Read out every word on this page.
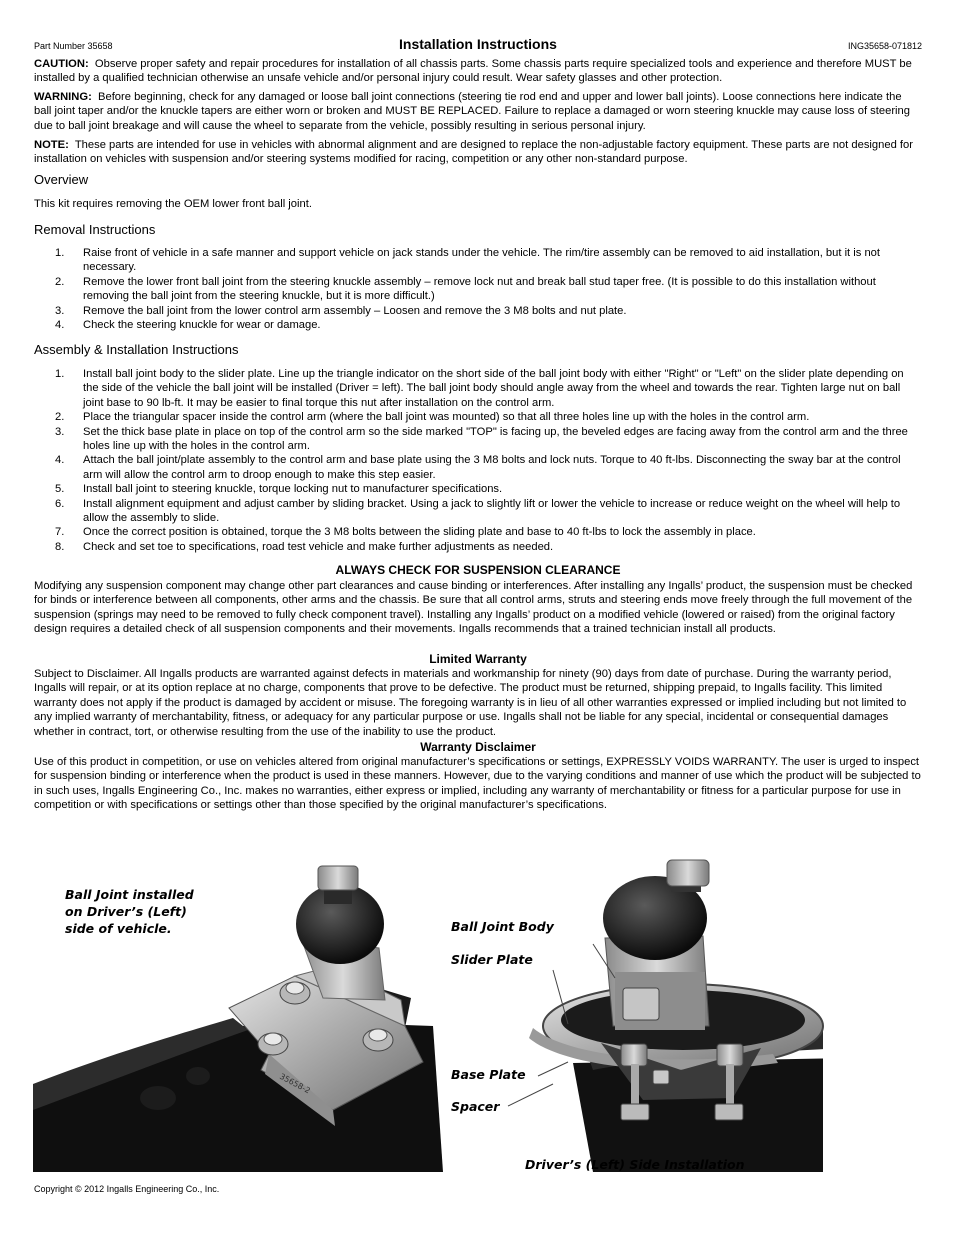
Part Number 35658	Installation Instructions	ING35658-071812
CAUTION: Observe proper safety and repair procedures for installation of all chassis parts. Some chassis parts require specialized tools and experience and therefore MUST be installed by a qualified technician otherwise an unsafe vehicle and/or personal injury could result. Wear safety glasses and other protection.
WARNING: Before beginning, check for any damaged or loose ball joint connections (steering tie rod end and upper and lower ball joints). Loose connections here indicate the ball joint taper and/or the knuckle tapers are either worn or broken and MUST BE REPLACED. Failure to replace a damaged or worn steering knuckle may cause loss of steering due to ball joint breakage and will cause the wheel to separate from the vehicle, possibly resulting in serious personal injury.
NOTE: These parts are intended for use in vehicles with abnormal alignment and are designed to replace the non-adjustable factory equipment. These parts are not designed for installation on vehicles with suspension and/or steering systems modified for racing, competition or any other non-standard purpose.
Overview
This kit requires removing the OEM lower front ball joint.
Removal Instructions
1. Raise front of vehicle in a safe manner and support vehicle on jack stands under the vehicle. The rim/tire assembly can be removed to aid installation, but it is not necessary.
2. Remove the lower front ball joint from the steering knuckle assembly – remove lock nut and break ball stud taper free. (It is possible to do this installation without removing the ball joint from the steering knuckle, but it is more difficult.)
3. Remove the ball joint from the lower control arm assembly – Loosen and remove the 3 M8 bolts and nut plate.
4. Check the steering knuckle for wear or damage.
Assembly & Installation Instructions
1. Install ball joint body to the slider plate. Line up the triangle indicator on the short side of the ball joint body with either "Right" or "Left" on the slider plate depending on the side of the vehicle the ball joint will be installed (Driver = left). The ball joint body should angle away from the wheel and towards the rear. Tighten large nut on ball joint base to 90 lb-ft. It may be easier to final torque this nut after installation on the control arm.
2. Place the triangular spacer inside the control arm (where the ball joint was mounted) so that all three holes line up with the holes in the control arm.
3. Set the thick base plate in place on top of the control arm so the side marked "TOP" is facing up, the beveled edges are facing away from the control arm and the three holes line up with the holes in the control arm.
4. Attach the ball joint/plate assembly to the control arm and base plate using the 3 M8 bolts and lock nuts. Torque to 40 ft-lbs. Disconnecting the sway bar at the control arm will allow the control arm to droop enough to make this step easier.
5. Install ball joint to steering knuckle, torque locking nut to manufacturer specifications.
6. Install alignment equipment and adjust camber by sliding bracket. Using a jack to slightly lift or lower the vehicle to increase or reduce weight on the wheel will help to allow the assembly to slide.
7. Once the correct position is obtained, torque the 3 M8 bolts between the sliding plate and base to 40 ft-lbs to lock the assembly in place.
8. Check and set toe to specifications, road test vehicle and make further adjustments as needed.
ALWAYS CHECK FOR SUSPENSION CLEARANCE
Modifying any suspension component may change other part clearances and cause binding or interferences. After installing any Ingalls’ product, the suspension must be checked for binds or interference between all components, other arms and the chassis. Be sure that all control arms, struts and steering ends move freely through the full movement of the suspension (springs may need to be removed to fully check component travel). Installing any Ingalls’ product on a modified vehicle (lowered or raised) from the original factory design requires a detailed check of all suspension components and their movements. Ingalls recommends that a trained technician install all products.
Limited Warranty
Subject to Disclaimer. All Ingalls products are warranted against defects in materials and workmanship for ninety (90) days from date of purchase. During the warranty period, Ingalls will repair, or at its option replace at no charge, components that prove to be defective. The product must be returned, shipping prepaid, to Ingalls facility. This limited warranty does not apply if the product is damaged by accident or misuse. The foregoing warranty is in lieu of all other warranties expressed or implied including but not limited to any implied warranty of merchantability, fitness, or adequacy for any particular purpose or use. Ingalls shall not be liable for any special, incidental or consequential damages whether in contract, tort, or otherwise resulting from the use of the inability to use the product.
Warranty Disclaimer
Use of this product in competition, or use on vehicles altered from original manufacturer’s specifications or settings, EXPRESSLY VOIDS WARRANTY. The user is urged to inspect for suspension binding or interference when the product is used in these manners. However, due to the varying conditions and manner of use which the product will be subjected to in such uses, Ingalls Engineering Co., Inc. makes no warranties, either express or implied, including any warranty of merchantability or fitness for a particular purpose for use in competition or with specifications or settings other than those specified by the original manufacturer’s specifications.
35658-2
Ball Joint installed
on Driver’s (Left)
side of vehicle.	Ball Joint Body
Slider Plate
Base Plate
Spacer
Driver’s (Left) Side Installation
Copyright © 2012 Ingalls Engineering Co., Inc.
